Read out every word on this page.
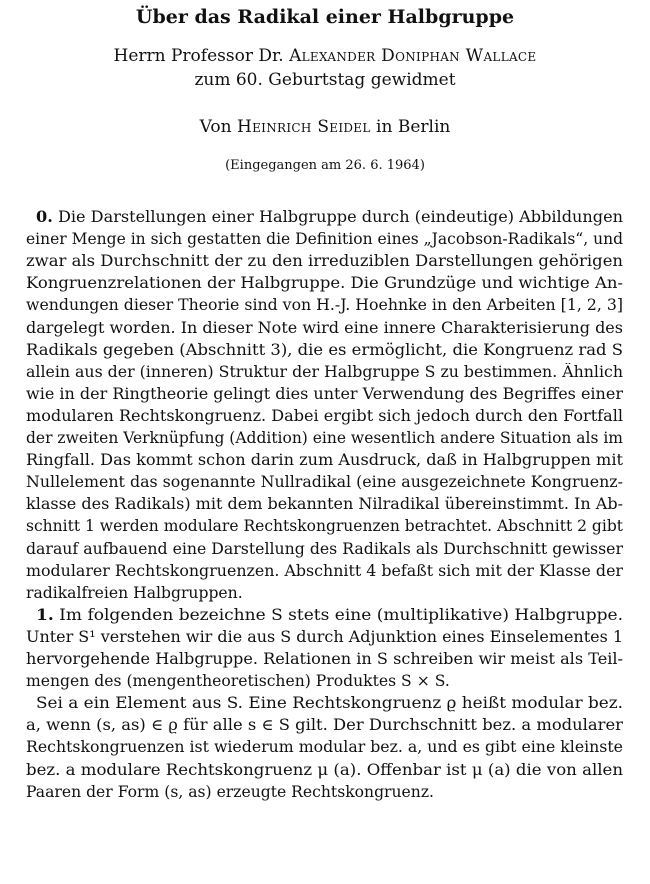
Über das Radikal einer Halbgruppe
Herrn Professor Dr. Alexander Doniphan Wallace
zum 60. Geburtstag gewidmet
Von Heinrich Seidel in Berlin
(Eingegangen am 26. 6. 1964)
0. Die Darstellungen einer Halbgruppe durch (eindeutige) Abbildungen
einer Menge in sich gestatten die Definition eines „Jacobson-Radikals“, und
zwar als Durchschnitt der zu den irreduziblen Darstellungen gehörigen
Kongruenzrelationen der Halbgruppe. Die Grundzüge und wichtige An-
wendungen dieser Theorie sind von H.-J. Hoehnke in den Arbeiten [1, 2, 3]
dargelegt worden. In dieser Note wird eine innere Charakterisierung des
Radikals gegeben (Abschnitt 3), die es ermöglicht, die Kongruenz rad S
allein aus der (inneren) Struktur der Halbgruppe S zu bestimmen. Ähnlich
wie in der Ringtheorie gelingt dies unter Verwendung des Begriffes einer
modularen Rechtskongruenz. Dabei ergibt sich jedoch durch den Fortfall
der zweiten Verknüpfung (Addition) eine wesentlich andere Situation als im
Ringfall. Das kommt schon darin zum Ausdruck, daß in Halbgruppen mit
Nullelement das sogenannte Nullradikal (eine ausgezeichnete Kongruenz-
klasse des Radikals) mit dem bekannten Nilradikal übereinstimmt. In Ab-
schnitt 1 werden modulare Rechtskongruenzen betrachtet. Abschnitt 2 gibt
darauf aufbauend eine Darstellung des Radikals als Durchschnitt gewisser
modularer Rechtskongruenzen. Abschnitt 4 befaßt sich mit der Klasse der
radikalfreien Halbgruppen.
1. Im folgenden bezeichne S stets eine (multiplikative) Halbgruppe.
Unter S¹ verstehen wir die aus S durch Adjunktion eines Einselementes 1
hervorgehende Halbgruppe. Relationen in S schreiben wir meist als Teil-
mengen des (mengentheoretischen) Produktes S × S.
Sei a ein Element aus S. Eine Rechtskongruenz ϱ heißt modular bez.
a, wenn (s, as) ∈ ϱ für alle s ∈ S gilt. Der Durchschnitt bez. a modularer
Rechtskongruenzen ist wiederum modular bez. a, und es gibt eine kleinste
bez. a modulare Rechtskongruenz μ (a). Offenbar ist μ (a) die von allen
Paaren der Form (s, as) erzeugte Rechtskongruenz.
